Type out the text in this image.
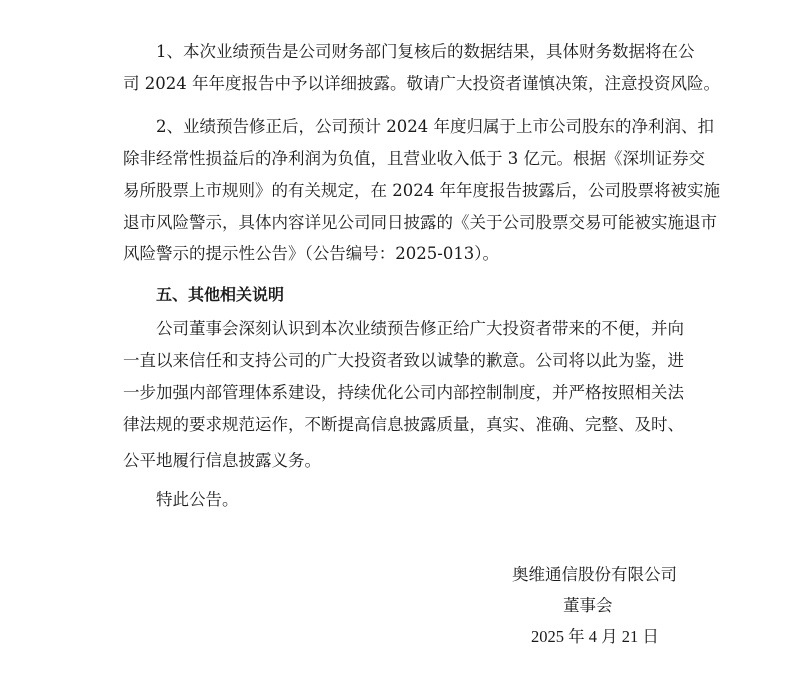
1、本次业绩预告是公司财务部门复核后的数据结果，具体财务数据将在公
司 2024 年年度报告中予以详细披露。敬请广大投资者谨慎决策，注意投资风险。
2、业绩预告修正后，公司预计 2024 年度归属于上市公司股东的净利润、扣
除非经常性损益后的净利润为负值，且营业收入低于 3 亿元。根据《深圳证券交
易所股票上市规则》的有关规定，在 2024 年年度报告披露后，公司股票将被实施
退市风险警示，具体内容详见公司同日披露的《关于公司股票交易可能被实施退市
风险警示的提示性公告》（公告编号：2025-013）。
五、其他相关说明
公司董事会深刻认识到本次业绩预告修正给广大投资者带来的不便，并向
一直以来信任和支持公司的广大投资者致以诚挚的歉意。公司将以此为鉴，进
一步加强内部管理体系建设，持续优化公司内部控制制度，并严格按照相关法
律法规的要求规范运作，不断提高信息披露质量，真实、准确、完整、及时、
公平地履行信息披露义务。
特此公告。
奥维通信股份有限公司
董事会
2025 年 4 月 21 日
